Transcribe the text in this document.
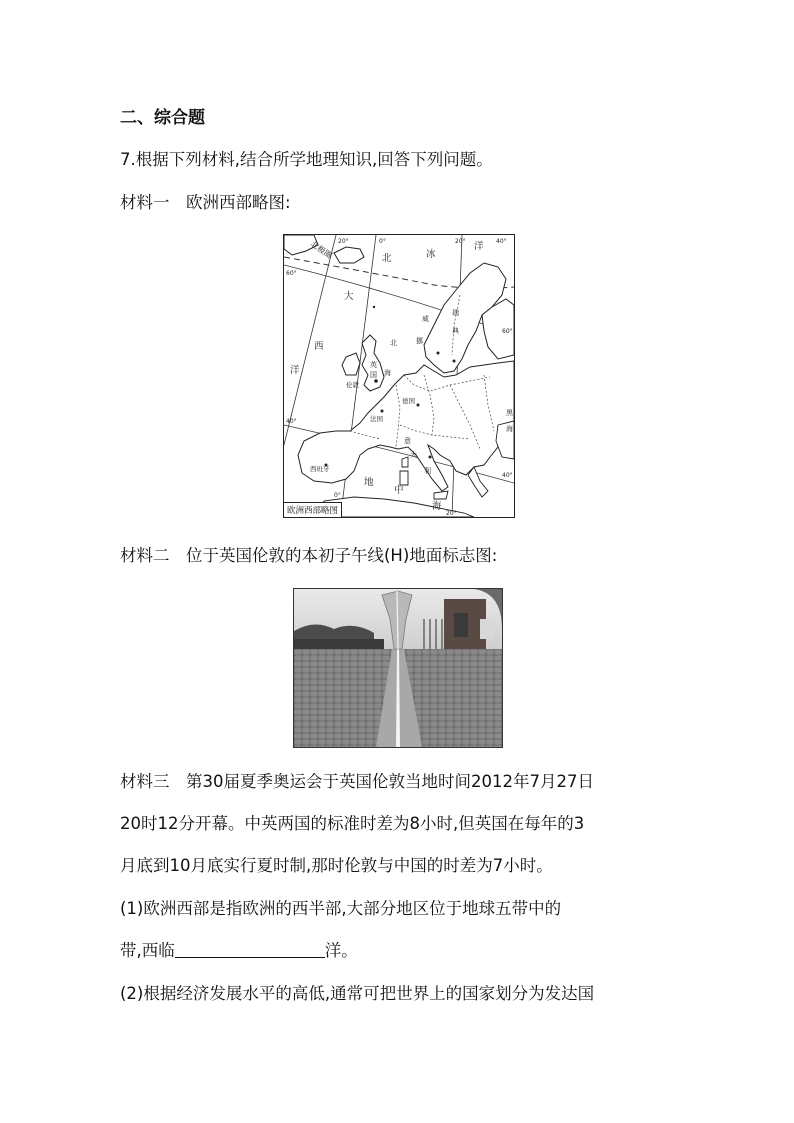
二、综合题
7.根据下列材料,结合所学地理知识,回答下列问题。
材料一　欧洲西部略图:
20°	0°	20°	40°
60°
60°
40°
40°
0°
20°
北极圈	北	冰
洋
大
西
洋
地
中
海
北
海
挪
威
瑞
典
黑
海
意
大
利
英
国
伦敦
法国
德国
西班牙
欧洲西部略图
材料二　位于英国伦敦的本初子午线(H)地面标志图:
材料三　第30届夏季奥运会于英国伦敦当地时间2012年7月27日
20时12分开幕。中英两国的标准时差为8小时,但英国在每年的3
月底到10月底实行夏时制,那时伦敦与中国的时差为7小时。
(1)欧洲西部是指欧洲的西半部,大部分地区位于地球五带中的
带,西临	洋。
(2)根据经济发展水平的高低,通常可把世界上的国家划分为发达国
